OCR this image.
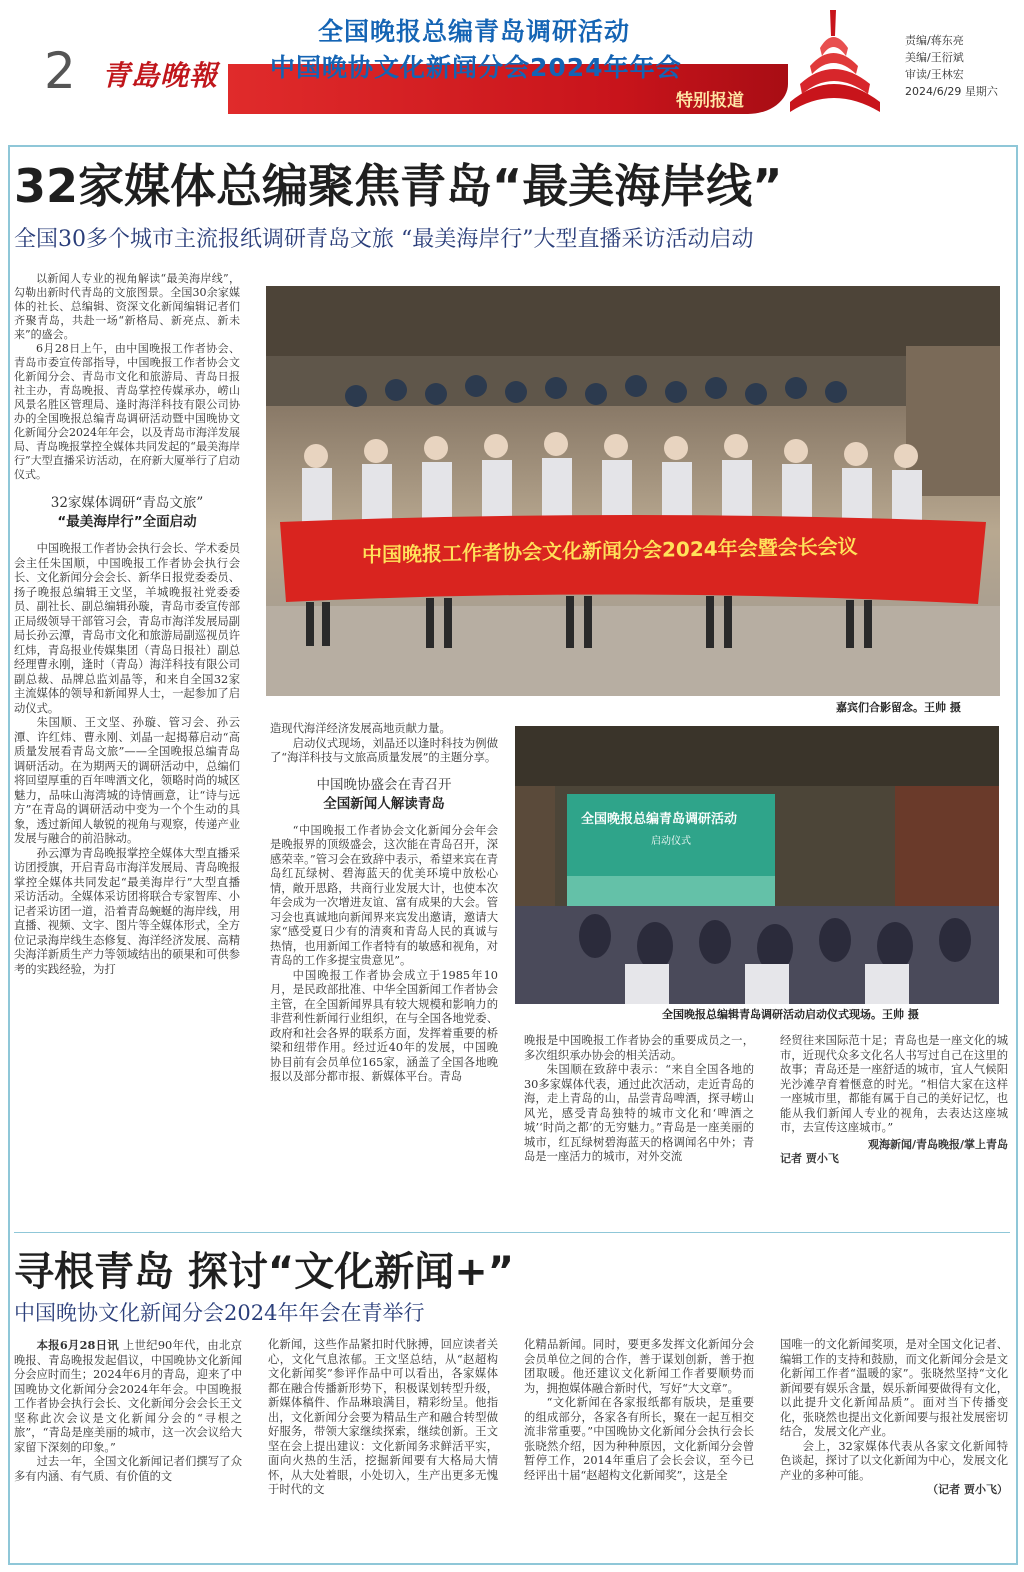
2 青島晚報
全国晚报总编青岛调研活动
中国晚协文化新闻分会2024年年会
特别报道
责编/蒋东亮
美编/王衍斌
审读/王林宏
2024/6/29 星期六
32家媒体总编聚焦青岛“最美海岸线”
全国30多个城市主流报纸调研青岛文旅 “最美海岸行”大型直播采访活动启动

以新闻人专业的视角解读“最美海岸线”，勾勒出新时代青岛的文旅图景。全国30余家媒体的社长、总编辑、资深文化新闻编辑记者们齐聚青岛，共赴一场“新格局、新亮点、新未来”的盛会。

6月28日上午，由中国晚报工作者协会、青岛市委宣传部指导，中国晚报工作者协会文化新闻分会、青岛市文化和旅游局、青岛日报社主办，青岛晚报、青岛掌控传媒承办，崂山风景名胜区管理局、逢时海洋科技有限公司协办的全国晚报总编青岛调研活动暨中国晚协文化新闻分会2024年年会，以及青岛市海洋发展局、青岛晚报掌控全媒体共同发起的“最美海岸行”大型直播采访活动，在府新大厦举行了启动仪式。

32家媒体调研“青岛文旅”
“最美海岸行”全面启动

中国晚报工作者协会执行会长、学术委员会主任朱国顺，中国晚报工作者协会执行会长、文化新闻分会会长、新华日报党委委员、扬子晚报总编辑王文坚，羊城晚报社党委委员、副社长、副总编辑孙璇，青岛市委宣传部正局级领导干部管习会，青岛市海洋发展局副局长孙云潭，青岛市文化和旅游局副巡视员许红炜，青岛报业传媒集团（青岛日报社）副总经理曹永刚，逢时（青岛）海洋科技有限公司副总裁、品牌总监刘晶等，和来自全国32家主流媒体的领导和新闻界人士，一起参加了启动仪式。

朱国顺、王文坚、孙璇、管习会、孙云潭、许红炜、曹永刚、刘晶一起揭幕启动“高质量发展看青岛文旅”——全国晚报总编青岛调研活动。在为期两天的调研活动中，总编们将回望厚重的百年啤酒文化，领略时尚的城区魅力，品味山海湾城的诗情画意，让“诗与远方”在青岛的调研活动中变为一个个生动的具象，透过新闻人敏锐的视角与观察，传递产业发展与融合的前沿脉动。

孙云潭为青岛晚报掌控全媒体大型直播采访团授旗，开启青岛市海洋发展局、青岛晚报掌控全媒体共同发起“最美海岸行”大型直播采访活动。全媒体采访团将联合专家智库、小记者采访团一道，沿着青岛蜿蜒的海岸线，用直播、视频、文字、图片等全媒体形式，全方位记录海岸线生态修复、海洋经济发展、高精尖海洋新质生产力等领域结出的硕果和可供参考的实践经验，为打

中国晚报工作者协会文化新闻分会2024年会暨会长会议
嘉宾们合影留念。王帅 摄

造现代海洋经济发展高地贡献力量。

启动仪式现场，刘晶还以逢时科技为例做了“海洋科技与文旅高质量发展”的主题分享。

中国晚协盛会在青召开
全国新闻人解读青岛

“中国晚报工作者协会文化新闻分会年会是晚报界的顶级盛会，这次能在青岛召开，深感荣幸。”管习会在致辞中表示，希望来宾在青岛红瓦绿树、碧海蓝天的优美环境中放松心情，敞开思路，共商行业发展大计，也使本次年会成为一次增进友谊、富有成果的大会。管习会也真诚地向新闻界来宾发出邀请，邀请大家“感受夏日少有的清爽和青岛人民的真诚与热情，也用新闻工作者特有的敏感和视角，对青岛的工作多提宝贵意见”。

中国晚报工作者协会成立于1985年10月，是民政部批准、中华全国新闻工作者协会主管，在全国新闻界具有较大规模和影响力的非营利性新闻行业组织，在与全国各地党委、政府和社会各界的联系方面，发挥着重要的桥梁和纽带作用。经过近40年的发展，中国晚协目前有会员单位165家，涵盖了全国各地晚报以及部分都市报、新媒体平台。青岛

全国晚报总编青岛调研活动
启动仪式
全国晚报总编辑青岛调研活动启动仪式现场。王帅 摄

晚报是中国晚报工作者协会的重要成员之一，多次组织承办协会的相关活动。

朱国顺在致辞中表示：“来自全国各地的30多家媒体代表，通过此次活动，走近青岛的海，走上青岛的山，品尝青岛啤酒，探寻崂山风光，感受青岛独特的城市文化和‘啤酒之城’‘时尚之都’的无穷魅力。”青岛是一座美丽的城市，红瓦绿树碧海蓝天的格调闻名中外；青岛是一座活力的城市，对外交流

经贸往来国际范十足；青岛也是一座文化的城市，近现代众多文化名人书写过自己在这里的故事；青岛还是一座舒适的城市，宜人气候阳光沙滩孕育着惬意的时光。“相信大家在这样一座城市里，都能有属于自己的美好记忆，也能从我们新闻人专业的视角，去表达这座城市，去宣传这座城市。”

观海新闻/青岛晚报/掌上青岛
记者 贾小飞
寻根青岛 探讨“文化新闻+”
中国晚协文化新闻分会2024年年会在青举行

本报6月28日讯 上世纪90年代，由北京晚报、青岛晚报发起倡议，中国晚协文化新闻分会应时而生；2024年6月的青岛，迎来了中国晚协文化新闻分会2024年年会。中国晚报工作者协会执行会长、文化新闻分会会长王文坚称此次会议是文化新闻分会的“寻根之旅”，“青岛是座美丽的城市，这一次会议给大家留下深刻的印象。”

过去一年，全国文化新闻记者们撰写了众多有内涵、有气质、有价值的文

化新闻，这些作品紧扣时代脉搏，回应读者关心，文化气息浓郁。王文坚总结，从“赵超构文化新闻奖”参评作品中可以看出，各家媒体都在融合传播新形势下，积极谋划转型升级，新媒体稿件、作品琳琅满目，精彩纷呈。他指出，文化新闻分会要为精品生产和融合转型做好服务，带领大家继续探索，继续创新。王文坚在会上提出建议：文化新闻务求鲜活平实，面向火热的生活，挖掘新闻要有大格局大情怀，从大处着眼，小处切入，生产出更多无愧于时代的文

化精品新闻。同时，要更多发挥文化新闻分会会员单位之间的合作，善于谋划创新，善于抱团取暖。他还建议文化新闻工作者要顺势而为，拥抱媒体融合新时代，写好“大文章”。

“文化新闻在各家报纸都有版块，是重要的组成部分，各家各有所长，聚在一起互相交流非常重要。”中国晚协文化新闻分会执行会长张晓然介绍，因为种种原因，文化新闻分会曾暂停工作，2014年重启了会长会议，至今已经评出十届“赵超构文化新闻奖”，这是全

国唯一的文化新闻奖项，是对全国文化记者、编辑工作的支持和鼓励，而文化新闻分会是文化新闻工作者“温暖的家”。张晓然坚持“文化新闻要有娱乐含量，娱乐新闻要做得有文化，以此提升文化新闻品质”。面对当下传播变化，张晓然也提出文化新闻要与报社发展密切结合，发展文化产业。

会上，32家媒体代表从各家文化新闻特色谈起，探讨了以文化新闻为中心，发展文化产业的多种可能。

（记者 贾小飞）
